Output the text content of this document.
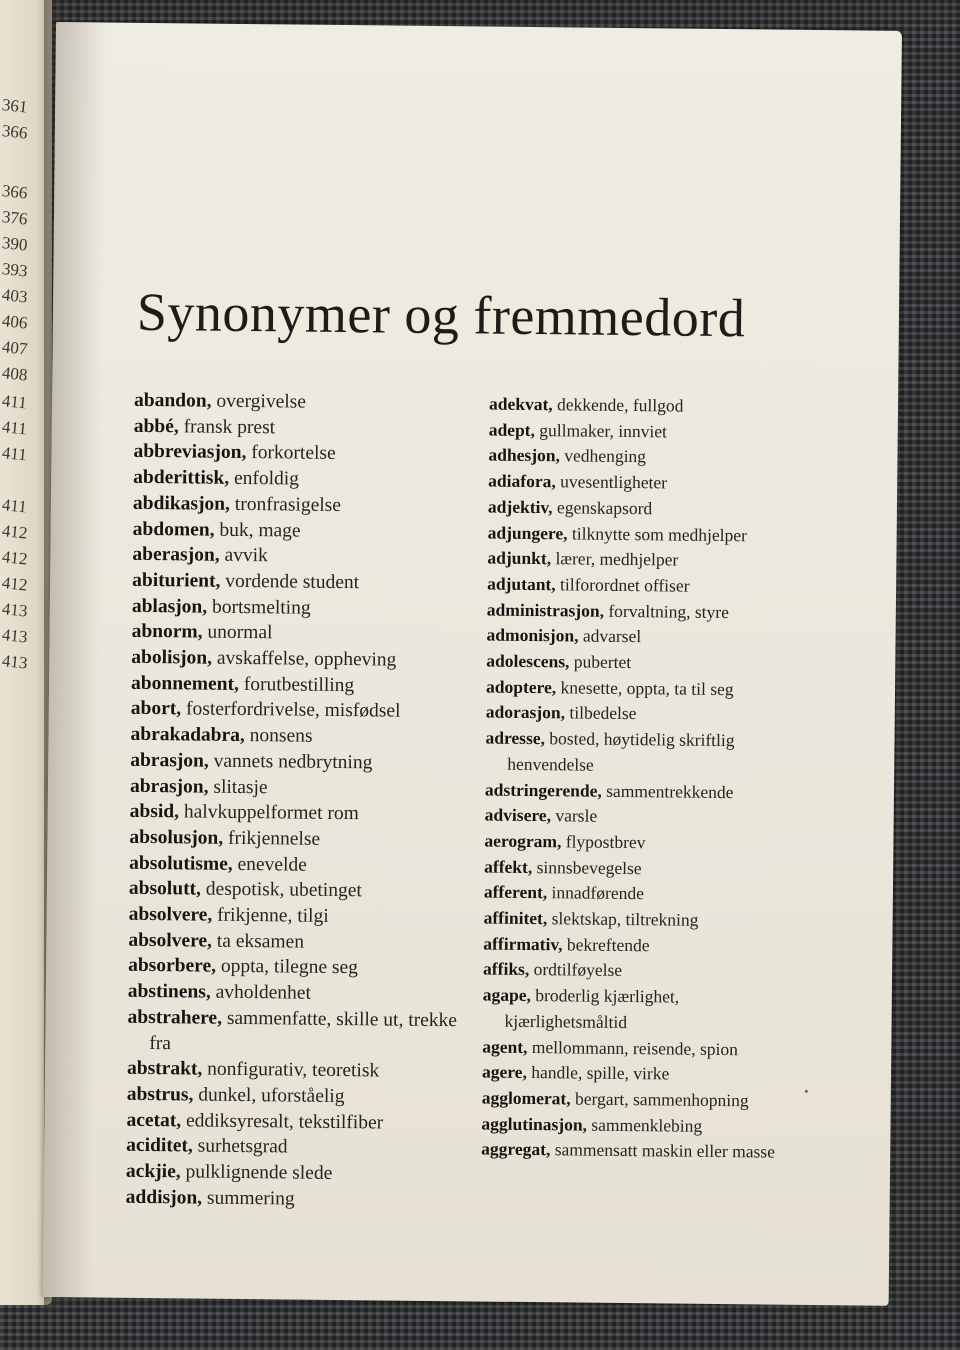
361
366
366
376
390
393
403
406
407
408
411
411
411
411
412
412
412
413
413
413
Synonymer og fremmedord
abandon, overgivelse
abbé, fransk prest
abbreviasjon, forkortelse
abderittisk, enfoldig
abdikasjon, tronfrasigelse
abdomen, buk, mage
aberasjon, avvik
abiturient, vordende student
ablasjon, bortsmelting
abnorm, unormal
abolisjon, avskaffelse, oppheving
abonnement, forutbestilling
abort, fosterfordrivelse, misfødsel
abrakadabra, nonsens
abrasjon, vannets nedbrytning
abrasjon, slitasje
absid, halvkuppelformet rom
absolusjon, frikjennelse
absolutisme, enevelde
absolutt, despotisk, ubetinget
absolvere, frikjenne, tilgi
absolvere, ta eksamen
absorbere, oppta, tilegne seg
abstinens, avholdenhet
abstrahere, sammenfatte, skille ut, trekke fra
abstrakt, nonfigurativ, teoretisk
abstrus, dunkel, uforståelig
acetat, eddiksyresalt, tekstilfiber
aciditet, surhetsgrad
ackjie, pulklignende slede
addisjon, summering
adekvat, dekkende, fullgod
adept, gullmaker, innviet
adhesjon, vedhenging
adiafora, uvesentligheter
adjektiv, egenskapsord
adjungere, tilknytte som medhjelper
adjunkt, lærer, medhjelper
adjutant, tilforordnet offiser
administrasjon, forvaltning, styre
admonisjon, advarsel
adolescens, pubertet
adoptere, knesette, oppta, ta til seg
adorasjon, tilbedelse
adresse, bosted, høytidelig skriftlig henvendelse
adstringerende, sammentrekkende
advisere, varsle
aerogram, flypostbrev
affekt, sinnsbevegelse
afferent, innadførende
affinitet, slektskap, tiltrekning
affirmativ, bekreftende
affiks, ordtilføyelse
agape, broderlig kjærlighet, kjærlighetsmåltid
agent, mellommann, reisende, spion
agere, handle, spille, virke
agglomerat, bergart, sammenhopning
agglutinasjon, sammenklebing
aggregat, sammensatt maskin eller masse
